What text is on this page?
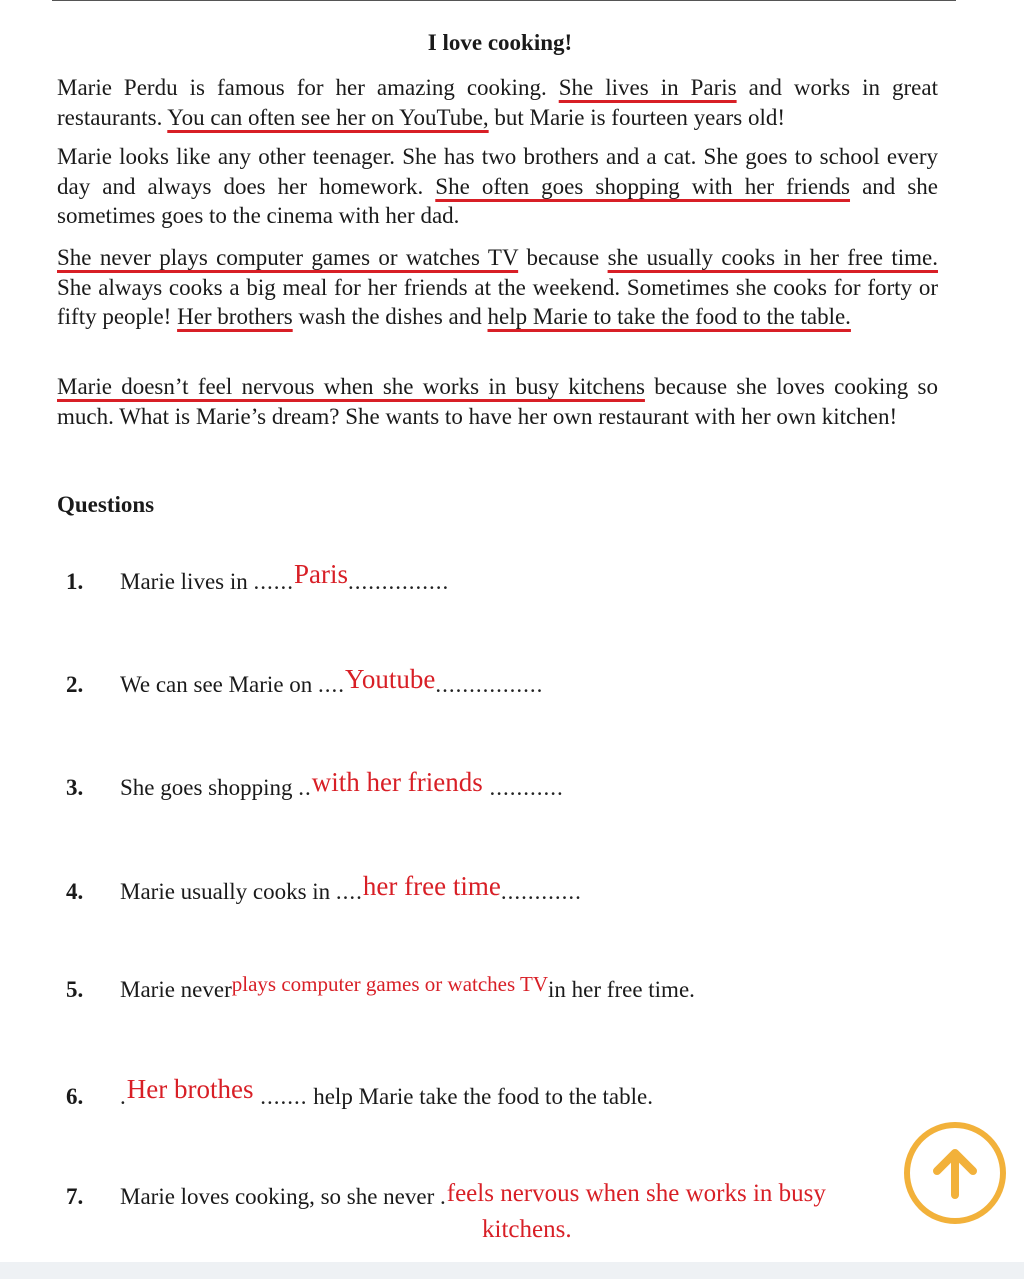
I love cooking!

Marie Perdu is famous for her amazing cooking. She lives in Paris and works in great restaurants. You can often see her on YouTube, but Marie is fourteen years old!

Marie looks like any other teenager. She has two brothers and a cat. She goes to school every day and always does her homework. She often goes shopping with her friends and she sometimes goes to the cinema with her dad.

She never plays computer games or watches TV because she usually cooks in her free time. She always cooks a big meal for her friends at the weekend. Sometimes she cooks for forty or fifty people! Her brothers wash the dishes and help Marie to take the food to the table.

Marie doesn’t feel nervous when she works in busy kitchens because she loves cooking so much. What is Marie’s dream? She wants to have her own restaurant with her own kitchen!

Questions
1. Marie lives in ......Paris...............
2. We can see Marie on ....Youtube................
3. She goes shopping ..with her friends ...........
4. Marie usually cooks in ....her free time............
5. Marie neverplays computer games or watches TVin her free time.
6. .Her brothes ....... help Marie take the food to the table.
7. Marie loves cooking, so she never .feels nervous when she works in busy
kitchens.
